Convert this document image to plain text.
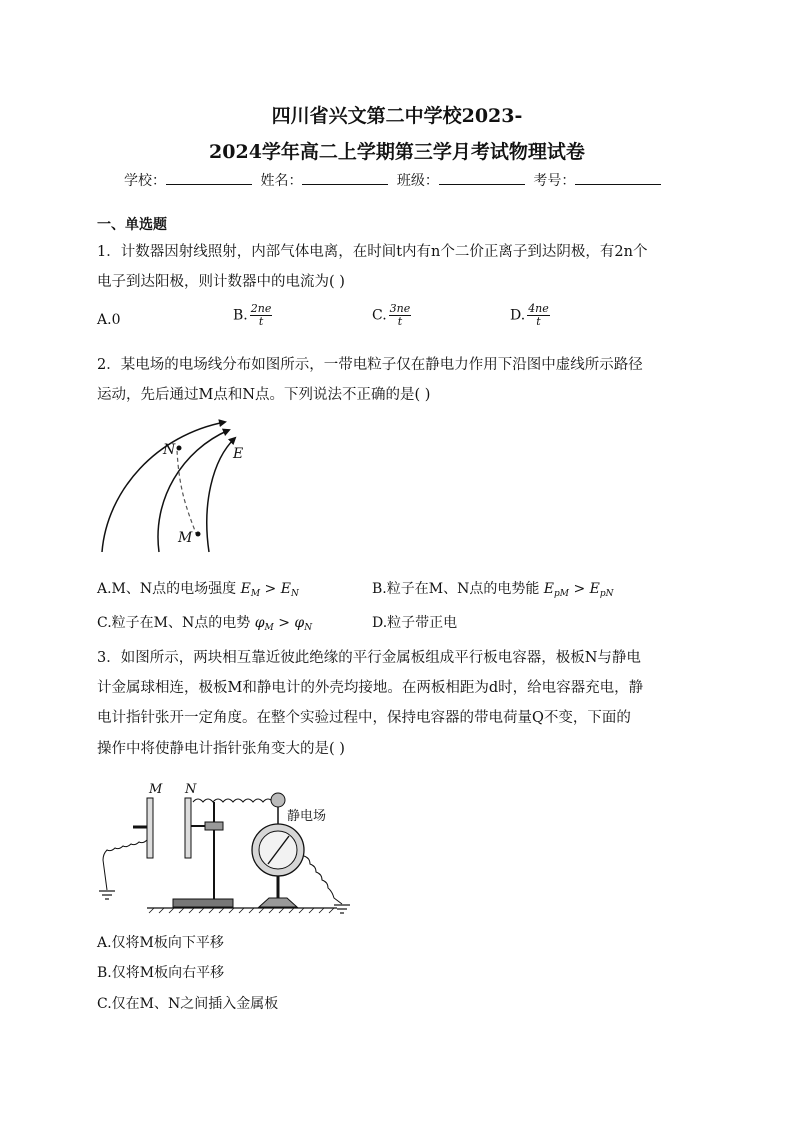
四川省兴文第二中学校2023-
2024学年高二上学期第三学月考试物理试卷
学校：	姓名：	班级：	考号：
一、单选题
1．计数器因射线照射，内部气体电离，在时间t内有n个二价正离子到达阴极，有2n个
电子到达阳极，则计数器中的电流为( )
A.0	B. $\frac{2ne}{t}$	C. $\frac{3ne}{t}$	D. $\frac{4ne}{t}$
2．某电场的电场线分布如图所示，一带电粒子仅在静电力作用下沿图中虚线所示路径
运动，先后通过M点和N点。下列说法不正确的是( )
N
M
E
A.M、N点的电场强度 $E_M > E_N$	B.粒子在M、N点的电势能 $E_{pM} > E_{pN}$
C.粒子在M、N点的电势 $\varphi_M > \varphi_N$	D.粒子带正电
3．如图所示，两块相互靠近彼此绝缘的平行金属板组成平行板电容器，极板N与静电
计金属球相连，极板M和静电计的外壳均接地。在两板相距为d时，给电容器充电，静
电计指针张开一定角度。在整个实验过程中，保持电容器的带电荷量Q不变，下面的
操作中将使静电计指针张角变大的是( )
M N
静电场
A.仅将M板向下平移
B.仅将M板向右平移
C.仅在M、N之间插入金属板
